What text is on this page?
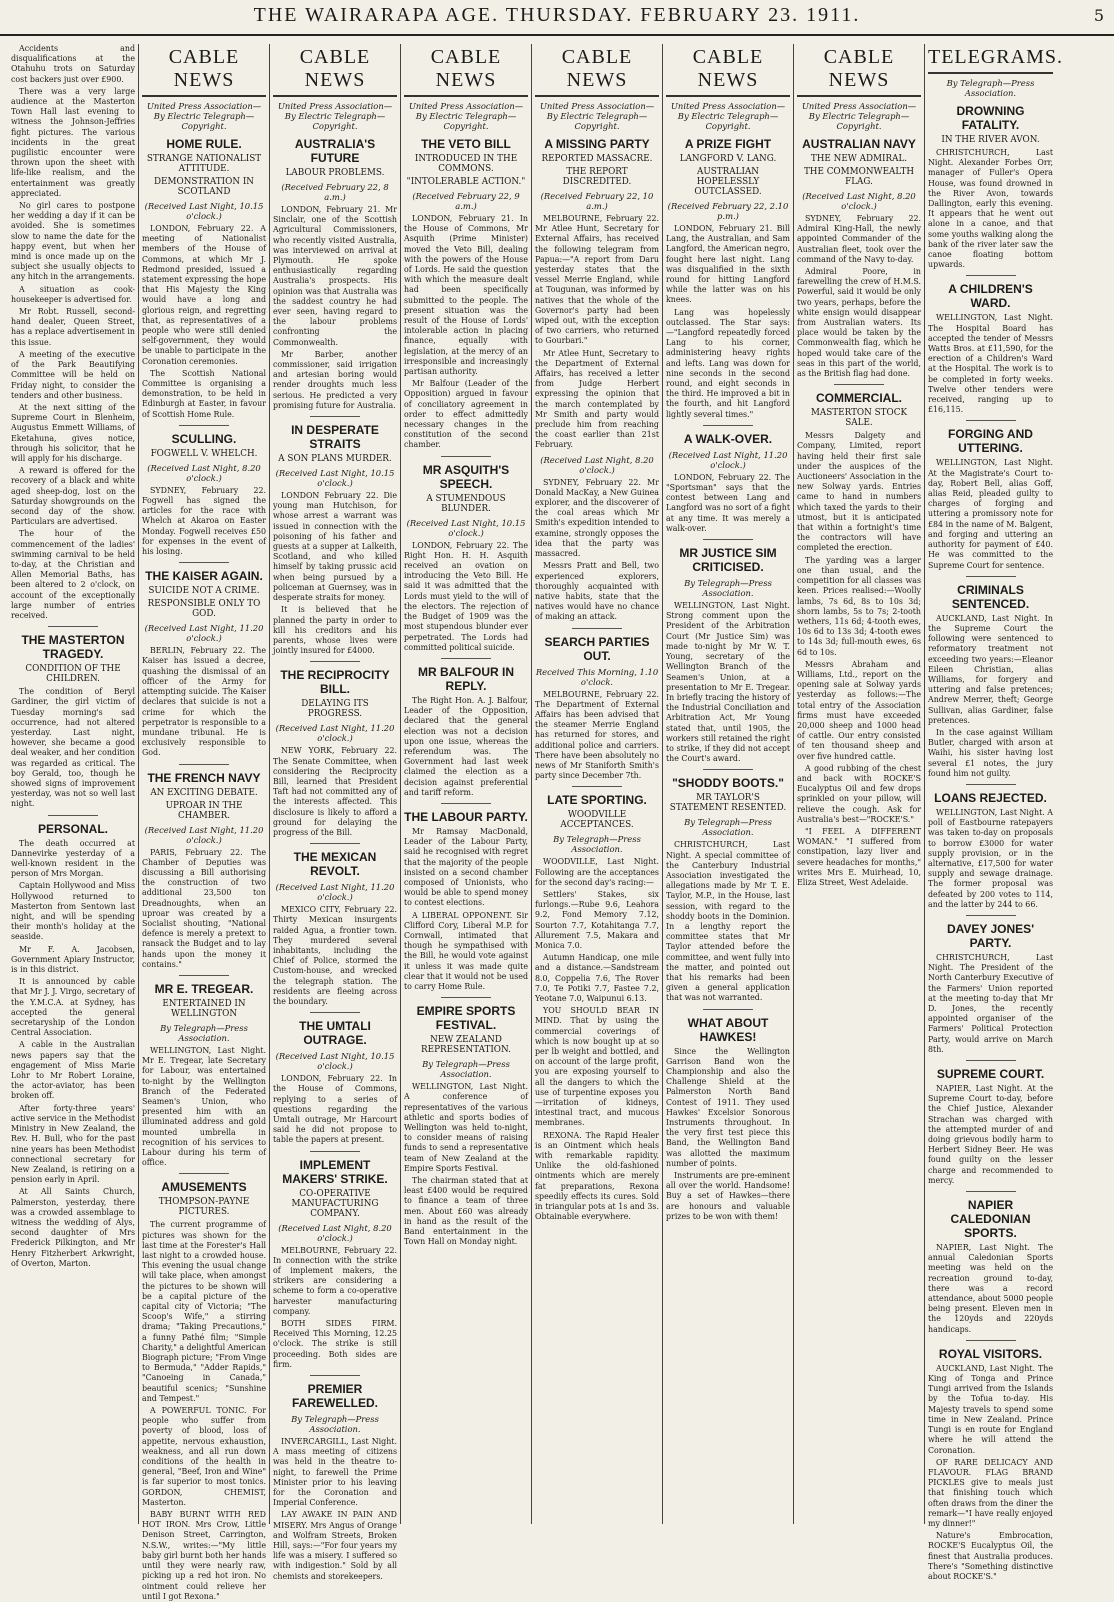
THE WAIRARAPA AGE. THURSDAY. FEBRUARY 23. 1911.	5

Accidents and disqualifications at the Otahuhu trots on Saturday cost backers just over £900.

There was a very large audience at the Masterton Town Hall last evening to witness the Johnson-Jeffries fight pictures. The various incidents in the great pugilistic encounter were thrown upon the sheet with life-like realism, and the entertainment was greatly appreciated.

No girl cares to postpone her wedding a day if it can be avoided. She is sometimes slow to name the date for the happy event, but when her mind is once made up on the subject she usually objects to any hitch in the arrangements.

A situation as cook-housekeeper is advertised for.

Mr Robt. Russell, second-hand dealer, Queen Street, has a replace advertisement in this issue.

A meeting of the executive of the Park Beautifying Committee will be held on Friday night, to consider the tenders and other business.

At the next sitting of the Supreme Court in Blenheim, Augustus Emmett Williams, of Eketahuna, gives notice, through his solicitor, that he will apply for his discharge.

A reward is offered for the recovery of a black and white aged sheep-dog, lost on the Saturday showgrounds on the second day of the show. Particulars are advertised.

The hour of the commencement of the ladies' swimming carnival to be held to-day, at the Christian and Allen Memorial Baths, has been altered to 2 o'clock, on account of the exceptionally large number of entries received.

THE MASTERTON TRAGEDY.
CONDITION OF THE CHILDREN.

The condition of Beryl Gardiner, the girl victim of Tuesday morning's sad occurrence, had not altered yesterday. Last night, however, she became a good deal weaker, and her condition was regarded as critical. The boy Gerald, too, though he showed signs of improvement yesterday, was not so well last night.

PERSONAL.

The death occurred at Dannevirke yesterday of a well-known resident in the person of Mrs Morgan.

Captain Hollywood and Miss Hollywood returned to Masterton from Sentown last night, and will be spending their month's holiday at the seaside.

Mr F. A. Jacobsen, Government Apiary Instructor, is in this district.

It is announced by cable that Mr J. J. Virgo, secretary of the Y.M.C.A. at Sydney, has accepted the general secretaryship of the London Central Association.

A cable in the Australian news papers say that the engagement of Miss Marie Lohr to Mr Robert Loraine, the actor-aviator, has been broken off.

After forty-three years' active service in the Methodist Ministry in New Zealand, the Rev. H. Bull, who for the past nine years has been Methodist connectional secretary for New Zealand, is retiring on a pension early in April.

At All Saints Church, Palmerston, yesterday, there was a crowded assemblage to witness the wedding of Alys, second daughter of Mrs Frederick Pilkington, and Mr Henry Fitzherbert Arkwright, of Overton, Marton.

CABLE NEWS
United Press Association—By Electric Telegraph—Copyright.
HOME RULE.
STRANGE NATIONALIST ATTITUDE.
DEMONSTRATION IN SCOTLAND
(Received Last Night, 10.15 o'clock.)

LONDON, February 22. A meeting of Nationalist members of the House of Commons, at which Mr J. Redmond presided, issued a statement expressing the hope that His Majesty the King would have a long and glorious reign, and regretting that, as representatives of a people who were still denied self-government, they would be unable to participate in the Coronation ceremonies.

The Scottish National Committee is organising a demonstration, to be held in Edinburgh at Easter, in favour of Scottish Home Rule.

SCULLING.
FOGWELL V. WHELCH.
(Received Last Night, 8.20 o'clock.)

SYDNEY, February 22. Fogwell has signed the articles for the race with Whelch at Akaroa on Easter Monday. Fogwell receives £50 for expenses in the event of his losing.

THE KAISER AGAIN.
SUICIDE NOT A CRIME.
RESPONSIBLE ONLY TO GOD.
(Received Last Night, 11.20 o'clock.)

BERLIN, February 22. The Kaiser has issued a decree, quashing the dismissal of an officer of the Army for attempting suicide. The Kaiser declares that suicide is not a crime for which the perpetrator is responsible to a mundane tribunal. He is exclusively responsible to God.

THE FRENCH NAVY
AN EXCITING DEBATE.
UPROAR IN THE CHAMBER.
(Received Last Night, 11.20 o'clock.)

PARIS, February 22. The Chamber of Deputies was discussing a Bill authorising the construction of two additional 23,500 ton Dreadnoughts, when an uproar was created by a Socialist shouting, "National defence is merely a pretext to ransack the Budget and to lay hands upon the money it contains."

MR E. TREGEAR.
ENTERTAINED IN WELLINGTON
By Telegraph—Press Association.

WELLINGTON, Last Night. Mr E. Tregear, late Secretary for Labour, was entertained to-night by the Wellington Branch of the Federated Seamen's Union, who presented him with an illuminated address and gold mounted umbrella in recognition of his services to Labour during his term of office.

AMUSEMENTS
THOMPSON-PAYNE PICTURES.

The current programme of pictures was shown for the last time at the Forester's Hall last night to a crowded house. This evening the usual change will take place, when amongst the pictures to be shown will be a capital picture of the capital city of Victoria; "The Scoop's Wife," a stirring drama; "Taking Precautions," a funny Pathé film; "Simple Charity," a delightful American Biograph picture; "From Vinge to Bermuda," "Adder Rapids," "Canoeing in Canada," beautiful scenics; "Sunshine and Tempest."

A POWERFUL TONIC. For people who suffer from poverty of blood, loss of appetite, nervous exhaustion, weakness, and all run down conditions of the health in general, "Beef, Iron and Wine" is far superior to most tonics. GORDON, CHEMIST, Masterton.

BABY BURNT WITH RED HOT IRON. Mrs Crow, Little Denison Street, Carrington, N.S.W., writes:—"My little baby girl burnt both her hands until they were nearly raw, picking up a red hot iron. No ointment could relieve her until I got Rexona."

CABLE NEWS
United Press Association—By Electric Telegraph—Copyright.
AUSTRALIA'S FUTURE
LABOUR PROBLEMS.
(Received February 22, 8 a.m.)

LONDON, February 21. Mr Sinclair, one of the Scottish Agricultural Commissioners, who recently visited Australia, was interviewed on arrival at Plymouth. He spoke enthusiastically regarding Australia's prospects. His opinion was that Australia was the saddest country he had ever seen, having regard to the labour problems confronting the Commonwealth.

Mr Barber, another commissioner, said irrigation and artesian boring would render droughts much less serious. He predicted a very promising future for Australia.

IN DESPERATE STRAITS
A SON PLANS MURDER.
(Received Last Night, 10.15 o'clock.)

LONDON February 22. Die young man Hutchison, for whose arrest a warrant was issued in connection with the poisoning of his father and guests at a supper at Lalkeith, Scotland, and who killed himself by taking prussic acid when being pursued by a policeman at Guernsey, was in desperate straits for money.

It is believed that he planned the party in order to kill his creditors and his parents, whose lives were jointly insured for £4000.

THE RECIPROCITY BILL.
DELAYING ITS PROGRESS.
(Received Last Night, 11.20 o'clock.)

NEW YORK, February 22. The Senate Committee, when considering the Reciprocity Bill, learned that President Taft had not committed any of the interests affected. This disclosure is likely to afford a ground for delaying the progress of the Bill.

THE MEXICAN REVOLT.
(Received Last Night, 11.20 o'clock.)

MEXICO CITY, February 22. Thirty Mexican insurgents raided Agua, a frontier town. They murdered several inhabitants, including the Chief of Police, stormed the Custom-house, and wrecked the telegraph station. The residents are fleeing across the boundary.

THE UMTALI OUTRAGE.
(Received Last Night, 10.15 o'clock.)

LONDON, February 22. In the House of Commons, replying to a series of questions regarding the Umtali outrage, Mr Harcourt said he did not propose to table the papers at present.

IMPLEMENT MAKERS' STRIKE.
CO-OPERATIVE MANUFACTURING COMPANY.
(Received Last Night, 8.20 o'clock.)

MELBOURNE, February 22. In connection with the strike of implement makers, the strikers are considering a scheme to form a co-operative harvester manufacturing company.

BOTH SIDES FIRM. Received This Morning, 12.25 o'clock. The strike is still proceeding. Both sides are firm.

PREMIER FAREWELLED.
By Telegraph—Press Association.

INVERCARGILL, Last Night. A mass meeting of citizens was held in the theatre to-night, to farewell the Prime Minister prior to his leaving for the Coronation and Imperial Conference.

LAY AWAKE IN PAIN AND MISERY. Mrs Angus of Orange and Wolfram Streets, Broken Hill, says:—"For four years my life was a misery. I suffered so with indigestion." Sold by all chemists and storekeepers.

CABLE NEWS
United Press Association—By Electric Telegraph—Copyright.
THE VETO BILL
INTRODUCED IN THE COMMONS.
"INTOLERABLE ACTION."
(Received February 22, 9 a.m.)

LONDON, February 21. In the House of Commons, Mr Asquith (Prime Minister) moved the Veto Bill, dealing with the powers of the House of Lords. He said the question with which the measure dealt had been specifically submitted to the people. The present situation was the result of the House of Lords' intolerable action in placing finance, equally with legislation, at the mercy of an irresponsible and increasingly partisan authority.

Mr Balfour (Leader of the Opposition) argued in favour of conciliatory agreement in order to effect admittedly necessary changes in the constitution of the second chamber.

MR ASQUITH'S SPEECH.
A STUMENDOUS BLUNDER.
(Received Last Night, 10.15 o'clock.)

LONDON, February 22. The Right Hon. H. H. Asquith received an ovation on introducing the Veto Bill. He said it was admitted that the Lords must yield to the will of the electors. The rejection of the Budget of 1909 was the most stupendous blunder ever perpetrated. The Lords had committed political suicide.

MR BALFOUR IN REPLY.

The Right Hon. A. J. Balfour, Leader of the Opposition, declared that the general election was not a decision upon one issue, whereas the referendum was. The Government had last week claimed the election as a decision against preferential and tariff reform.

THE LABOUR PARTY.

Mr Ramsay MacDonald, Leader of the Labour Party, said he recognised with regret that the majority of the people insisted on a second chamber composed of Unionists, who would be able to spend money to contest elections.

A LIBERAL OPPONENT. Sir Clifford Cory, Liberal M.P. for Cornwall, intimated that though he sympathised with the Bill, he would vote against it unless it was made quite clear that it would not be used to carry Home Rule.

EMPIRE SPORTS FESTIVAL.
NEW ZEALAND REPRESENTATION.
By Telegraph—Press Association.

WELLINGTON, Last Night. A conference of representatives of the various athletic and sports bodies of Wellington was held to-night, to consider means of raising funds to send a representative team of New Zealand at the Empire Sports Festival.

The chairman stated that at least £400 would be required to finance a team of three men. About £60 was already in hand as the result of the Band entertainment in the Town Hall on Monday night.

CABLE NEWS
United Press Association—By Electric Telegraph—Copyright.
A MISSING PARTY
REPORTED MASSACRE.
THE REPORT DISCREDITED.
(Received February 22, 10 a.m.)

MELBOURNE, February 22. Mr Atlee Hunt, Secretary for External Affairs, has received the following telegram from Papua:—"A report from Daru yesterday states that the vessel Merrie England, while at Tougunan, was informed by natives that the whole of the Governor's party had been wiped out, with the exception of two carriers, who returned to Gourbari."

Mr Atlee Hunt, Secretary to the Department of External Affairs, has received a letter from Judge Herbert expressing the opinion that the march contemplated by Mr Smith and party would preclude him from reaching the coast earlier than 21st February.

(Received Last Night, 8.20 o'clock.)

SYDNEY, February 22. Mr Donald MacKay, a New Guinea explorer, and the discoverer of the coal areas which Mr Smith's expedition intended to examine, strongly opposes the idea that the party was massacred.

Messrs Pratt and Bell, two experienced explorers, thoroughly acquainted with native habits, state that the natives would have no chance of making an attack.

SEARCH PARTIES OUT.
Received This Morning, 1.10 o'clock.

MELBOURNE, February 22. The Department of External Affairs has been advised that the steamer Merrie England has returned for stores, and additional police and carriers. There have been absolutely no news of Mr Staniforth Smith's party since December 7th.

LATE SPORTING.
WOODVILLE ACCEPTANCES.
By Telegraph—Press Association.

WOODVILLE, Last Night. Following are the acceptances for the second day's racing:—

Settlers' Stakes, six furlongs.—Rube 9.6, Leahora 9.2, Fond Memory 7.12, Sourton 7.7, Kotahitanga 7.7, Allurement 7.5, Makara and Monica 7.0.

Autumn Handicap, one mile and a distance.—Sandstream 8.0, Coppelia 7.6, The Rover 7.0, Te Potiki 7.7, Fastee 7.2, Yeotane 7.0, Waipunui 6.13.

YOU SHOULD BEAR IN MIND. That by using the commercial coverings of which is now bought up at so per lb weight and bottled, and on account of the large profit, you are exposing yourself to all the dangers to which the use of turpentine exposes you—irritation of kidneys, intestinal tract, and mucous membranes.

REXONA. The Rapid Healer is an Ointment which heals with remarkable rapidity. Unlike the old-fashioned ointments which are merely fat preparations, Rexona speedily effects its cures. Sold in triangular pots at 1s and 3s. Obtainable everywhere.

CABLE NEWS
United Press Association—By Electric Telegraph—Copyright.
A PRIZE FIGHT
LANGFORD V. LANG.
AUSTRALIAN HOPELESSLY OUTCLASSED.
(Received February 22, 2.10 p.m.)

LONDON, February 21. Bill Lang, the Australian, and Sam Langford, the American negro, fought here last night. Lang was disqualified in the sixth round for hitting Langford while the latter was on his knees.

Lang was hopelessly outclassed. The Star says:—"Langford repeatedly forced Lang to his corner, administering heavy rights and lefts. Lang was down for nine seconds in the second round, and eight seconds in the third. He improved a bit in the fourth, and hit Langford lightly several times."

A WALK-OVER.
(Received Last Night, 11.20 o'clock.)

LONDON, February 22. The "Sportsman" says that the contest between Lang and Langford was no sort of a fight at any time. It was merely a walk-over.

MR JUSTICE SIM CRITICISED.
By Telegraph—Press Association.

WELLINGTON, Last Night. Strong comment upon the President of the Arbitration Court (Mr Justice Sim) was made to-night by Mr W. T. Young, secretary of the Wellington Branch of the Seamen's Union, at a presentation to Mr E. Tregear. In briefly tracing the history of the Industrial Conciliation and Arbitration Act, Mr Young stated that, until 1905, the workers still retained the right to strike, if they did not accept the Court's award.

"SHODDY BOOTS."
MR TAYLOR'S STATEMENT RESENTED.
By Telegraph—Press Association.

CHRISTCHURCH, Last Night. A special committee of the Canterbury Industrial Association investigated the allegations made by Mr T. E. Taylor, M.P., in the House, last session, with regard to the shoddy boots in the Dominion. In a lengthy report the committee states that Mr Taylor attended before the committee, and went fully into the matter, and pointed out that his remarks had been given a general application that was not warranted.

WHAT ABOUT HAWKES!

Since the Wellington Garrison Band won the Championship and also the Challenge Shield at the Palmerston North Band Contest of 1911. They used Hawkes' Excelsior Sonorous Instruments throughout. In the very first test piece this Band, the Wellington Band was allotted the maximum number of points.

Instruments are pre-eminent all over the world. Handsome! Buy a set of Hawkes—there are honours and valuable prizes to be won with them!

CABLE NEWS
United Press Association—By Electric Telegraph—Copyright.
AUSTRALIAN NAVY
THE NEW ADMIRAL.
THE COMMONWEALTH FLAG.
(Received Last Night, 8.20 o'clock.)

SYDNEY, February 22. Admiral King-Hall, the newly appointed Commander of the Australian fleet, took over the command of the Navy to-day.

Admiral Poore, in farewelling the crew of H.M.S. Powerful, said it would be only two years, perhaps, before the white ensign would disappear from Australian waters. Its place would be taken by the Commonwealth flag, which he hoped would take care of the seas in this part of the world, as the British flag had done.

COMMERCIAL.
MASTERTON STOCK SALE.

Messrs Dalgety and Company, Limited, report having held their first sale under the auspices of the Auctioneers' Association in the new Solway yards. Entries came to hand in numbers which taxed the yards to their utmost, but it is anticipated that within a fortnight's time the contractors will have completed the erection.

The yarding was a larger one than usual, and the competition for all classes was keen. Prices realised:—Woolly lambs, 7s 6d, 8s to 10s 3d; shorn lambs, 5s to 7s; 2-tooth wethers, 11s 6d; 4-tooth ewes, 10s 6d to 13s 3d; 4-tooth ewes to 14s 3d; full-mouth ewes, 6s 6d to 10s.

Messrs Abraham and Williams, Ltd., report on the opening sale at Solway yards yesterday as follows:—The total entry of the Association firms must have exceeded 20,000 sheep and 1000 head of cattle. Our entry consisted of ten thousand sheep and over five hundred cattle.

A good rubbing of the chest and back with ROCKE'S Eucalyptus Oil and few drops sprinkled on your pillow, will relieve the cough. Ask for Australia's best—"ROCKE'S."

"I FEEL A DIFFERENT WOMAN." "I suffered from constipation, lazy liver and severe headaches for months," writes Mrs E. Muirhead, 10, Eliza Street, West Adelaide.

TELEGRAMS.
By Telegraph—Press Association.
DROWNING FATALITY.
IN THE RIVER AVON.

CHRISTCHURCH, Last Night. Alexander Forbes Orr, manager of Fuller's Opera House, was found drowned in the River Avon, towards Dallington, early this evening. It appears that he went out alone in a canoe, and that some youths walking along the bank of the river later saw the canoe floating bottom upwards.

A CHILDREN'S WARD.

WELLINGTON, Last Night. The Hospital Board has accepted the tender of Messrs Watts Bros. at £11,590, for the erection of a Children's Ward at the Hospital. The work is to be completed in forty weeks. Twelve other tenders were received, ranging up to £16,115.

FORGING AND UTTERING.

WELLINGTON, Last Night. At the Magistrate's Court to-day, Robert Bell, alias Goff, alias Reid, pleaded guilty to charges of forging and uttering a promissory note for £84 in the name of M. Balgent, and forging and uttering an authority for payment of £40. He was committed to the Supreme Court for sentence.

CRIMINALS SENTENCED.

AUCKLAND, Last Night. In the Supreme Court the following were sentenced to reformatory treatment not exceeding two years:—Eleanor Eileen Christian, alias Williams, for forgery and uttering and false pretences; Andrew Merrer, theft; George Sullivan, alias Gardiner, false pretences.

In the case against William Butler, charged with arson at Waihi, his sister having lost several £1 notes, the jury found him not guilty.

LOANS REJECTED.

WELLINGTON, Last Night. A poll of Eastbourne ratepayers was taken to-day on proposals to borrow £3000 for water supply provision, or in the alternative, £17,500 for water supply and sewage drainage. The former proposal was defeated by 200 votes to 114, and the latter by 244 to 66.

DAVEY JONES' PARTY.

CHRISTCHURCH, Last Night. The President of the North Canterbury Executive of the Farmers' Union reported at the meeting to-day that Mr D. Jones, the recently appointed organiser of the Farmers' Political Protection Party, would arrive on March 8th.

SUPREME COURT.

NAPIER, Last Night. At the Supreme Court to-day, before the Chief Justice, Alexander Strachan was charged with the attempted murder of and doing grievous bodily harm to Herbert Sidney Beer. He was found guilty on the lesser charge and recommended to mercy.

NAPIER CALEDONIAN SPORTS.

NAPIER, Last Night. The annual Caledonian Sports meeting was held on the recreation ground to-day, there was a record attendance, about 5000 people being present. Eleven men in the 120yds and 220yds handicaps.

ROYAL VISITORS.

AUCKLAND, Last Night. The King of Tonga and Prince Tungi arrived from the Islands by the Tofua to-day. His Majesty travels to spend some time in New Zealand. Prince Tungi is en route for England where he will attend the Coronation.

OF RARE DELICACY AND FLAVOUR. FLAG BRAND PICKLES give to meals just that finishing touch which often draws from the diner the remark—"I have really enjoyed my dinner!"

Nature's Embrocation, ROCKE'S Eucalyptus Oil, the finest that Australia produces. There's "Something distinctive about ROCKE'S."
